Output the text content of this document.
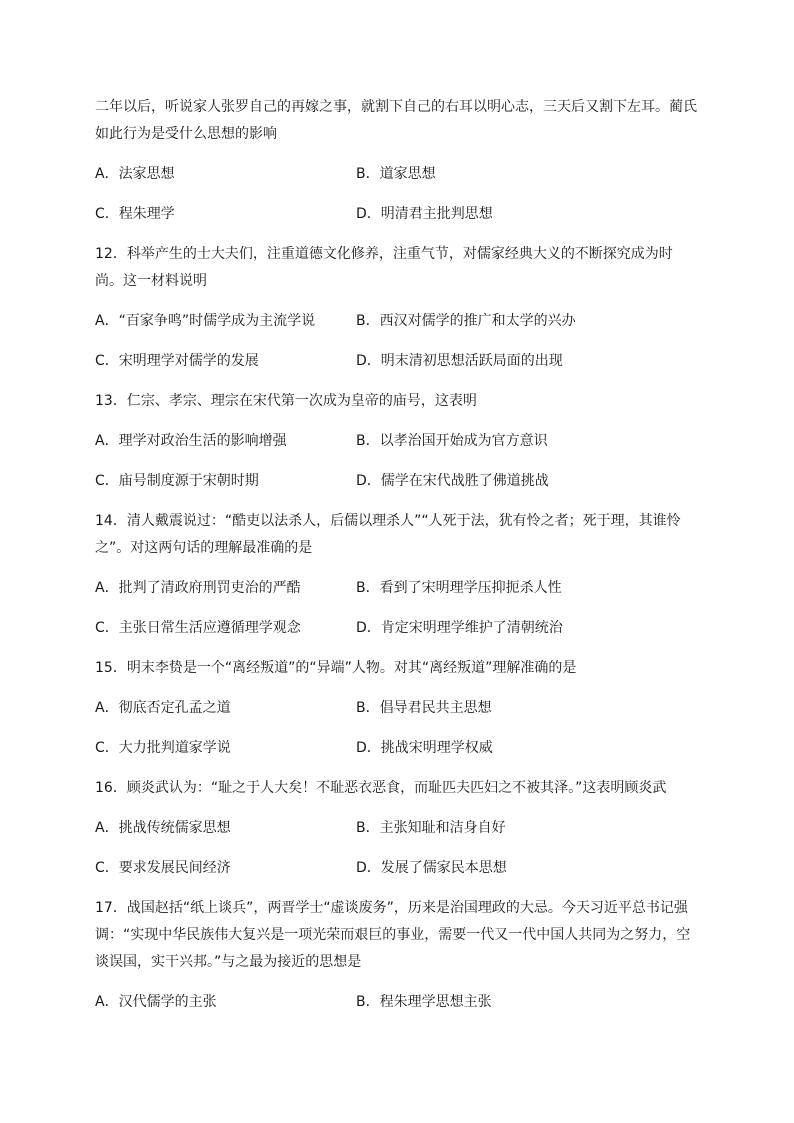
二年以后，听说家人张罗自己的再嫁之事，就割下自己的右耳以明心志，三天后又割下左耳。蔺氏如此行为是受什么思想的影响

A．法家思想	B．道家思想
C．程朱理学	D．明清君主批判思想

12．科举产生的士大夫们，注重道德文化修养，注重气节，对儒家经典大义的不断探究成为时尚。这一材料说明

A．“百家争鸣”时儒学成为主流学说	B．西汉对儒学的推广和太学的兴办
C．宋明理学对儒学的发展	D．明末清初思想活跃局面的出现

13．仁宗、孝宗、理宗在宋代第一次成为皇帝的庙号，这表明

A．理学对政治生活的影响增强	B．以孝治国开始成为官方意识
C．庙号制度源于宋朝时期	D．儒学在宋代战胜了佛道挑战

14．清人戴震说过：“酷吏以法杀人，后儒以理杀人”“人死于法，犹有怜之者；死于理，其谁怜之”。对这两句话的理解最准确的是

A．批判了清政府刑罚吏治的严酷	B．看到了宋明理学压抑扼杀人性
C．主张日常生活应遵循理学观念	D．肯定宋明理学维护了清朝统治

15．明末李贽是一个“离经叛道”的“异端”人物。对其“离经叛道”理解准确的是

A．彻底否定孔孟之道	B．倡导君民共主思想
C．大力批判道家学说	D．挑战宋明理学权威

16．顾炎武认为：“耻之于人大矣！不耻恶衣恶食，而耻匹夫匹妇之不被其泽。”这表明顾炎武

A．挑战传统儒家思想	B．主张知耻和洁身自好
C．要求发展民间经济	D．发展了儒家民本思想

17．战国赵括“纸上谈兵”，两晋学士“虚谈废务”，历来是治国理政的大忌。今天习近平总书记强调：“实现中华民族伟大复兴是一项光荣而艰巨的事业，需要一代又一代中国人共同为之努力，空谈误国，实干兴邦。”与之最为接近的思想是

A．汉代儒学的主张	B．程朱理学思想主张
